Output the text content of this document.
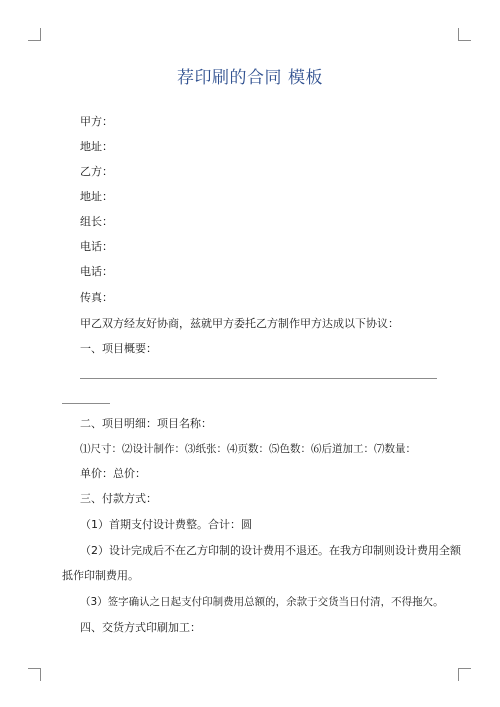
荐印刷的合同 模板
甲方：
地址：
乙方：
地址：
组长：
电话：
电话：
传真：
甲乙双方经友好协商，兹就甲方委托乙方制作甲方达成以下协议：
一、项目概要：
二、项目明细：项目名称：
⑴尺寸：⑵设计制作：⑶纸张：⑷页数：⑸色数：⑹后道加工：⑺数量：
单价：总价：
三、付款方式：
（1）首期支付设计费整。合计：圆
（2）设计完成后不在乙方印制的设计费用不退还。在我方印制则设计费用全额
抵作印制费用。
（3）签字确认之日起支付印制费用总额的，余款于交货当日付清，不得拖欠。
四、交货方式印刷加工：
